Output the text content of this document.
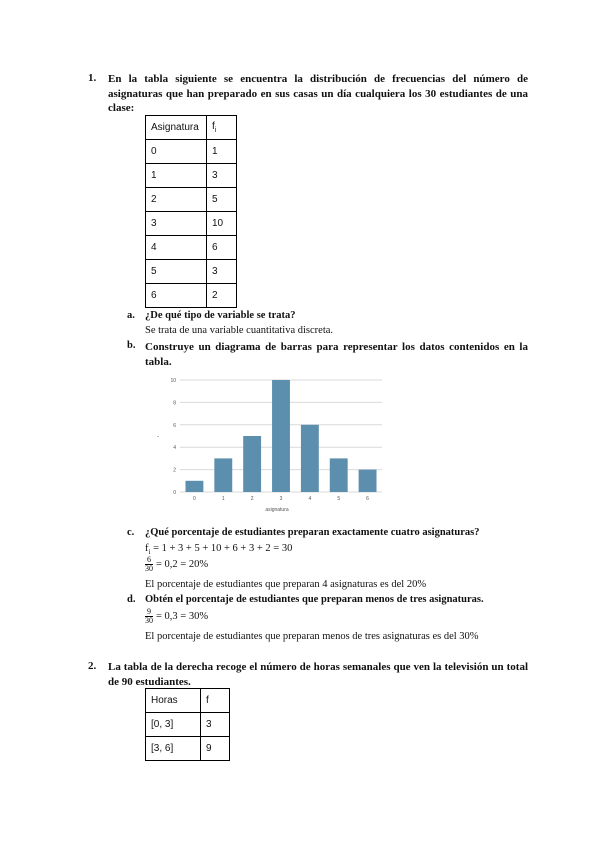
1. En la tabla siguiente se encuentra la distribución de frecuencias del número de asignaturas que han preparado en sus casas un día cualquiera los 30 estudiantes de una clase:
Asignatura	$f_i$
0	1
1	3
2	5
3	10
4	6
5	3
6	2
a. ¿De qué tipo de variable se trata?
Se trata de una variable cuantitativa discreta.
b. Construye un diagrama de barras para representar los datos contenidos en la tabla.
0
2
4
6
8
10
-
0	1	2	3	4	5	6
asignatura
c. ¿Qué porcentaje de estudiantes preparan exactamente cuatro asignaturas?
$f_i = 1 + 3 + 5 + 10 + 6 + 3 + 2 = 30$
$\frac{6}{30} = 0,2 = 20\%$
El porcentaje de estudiantes que preparan 4 asignaturas es del 20%
d. Obtén el porcentaje de estudiantes que preparan menos de tres asignaturas.
$\frac{9}{30} = 0,3 = 30\%$
El porcentaje de estudiantes que preparan menos de tres asignaturas es del 30%
2. La tabla de la derecha recoge el número de horas semanales que ven la televisión un total de 90 estudiantes.
Horas	f
[0, 3]	3
[3, 6]	9
